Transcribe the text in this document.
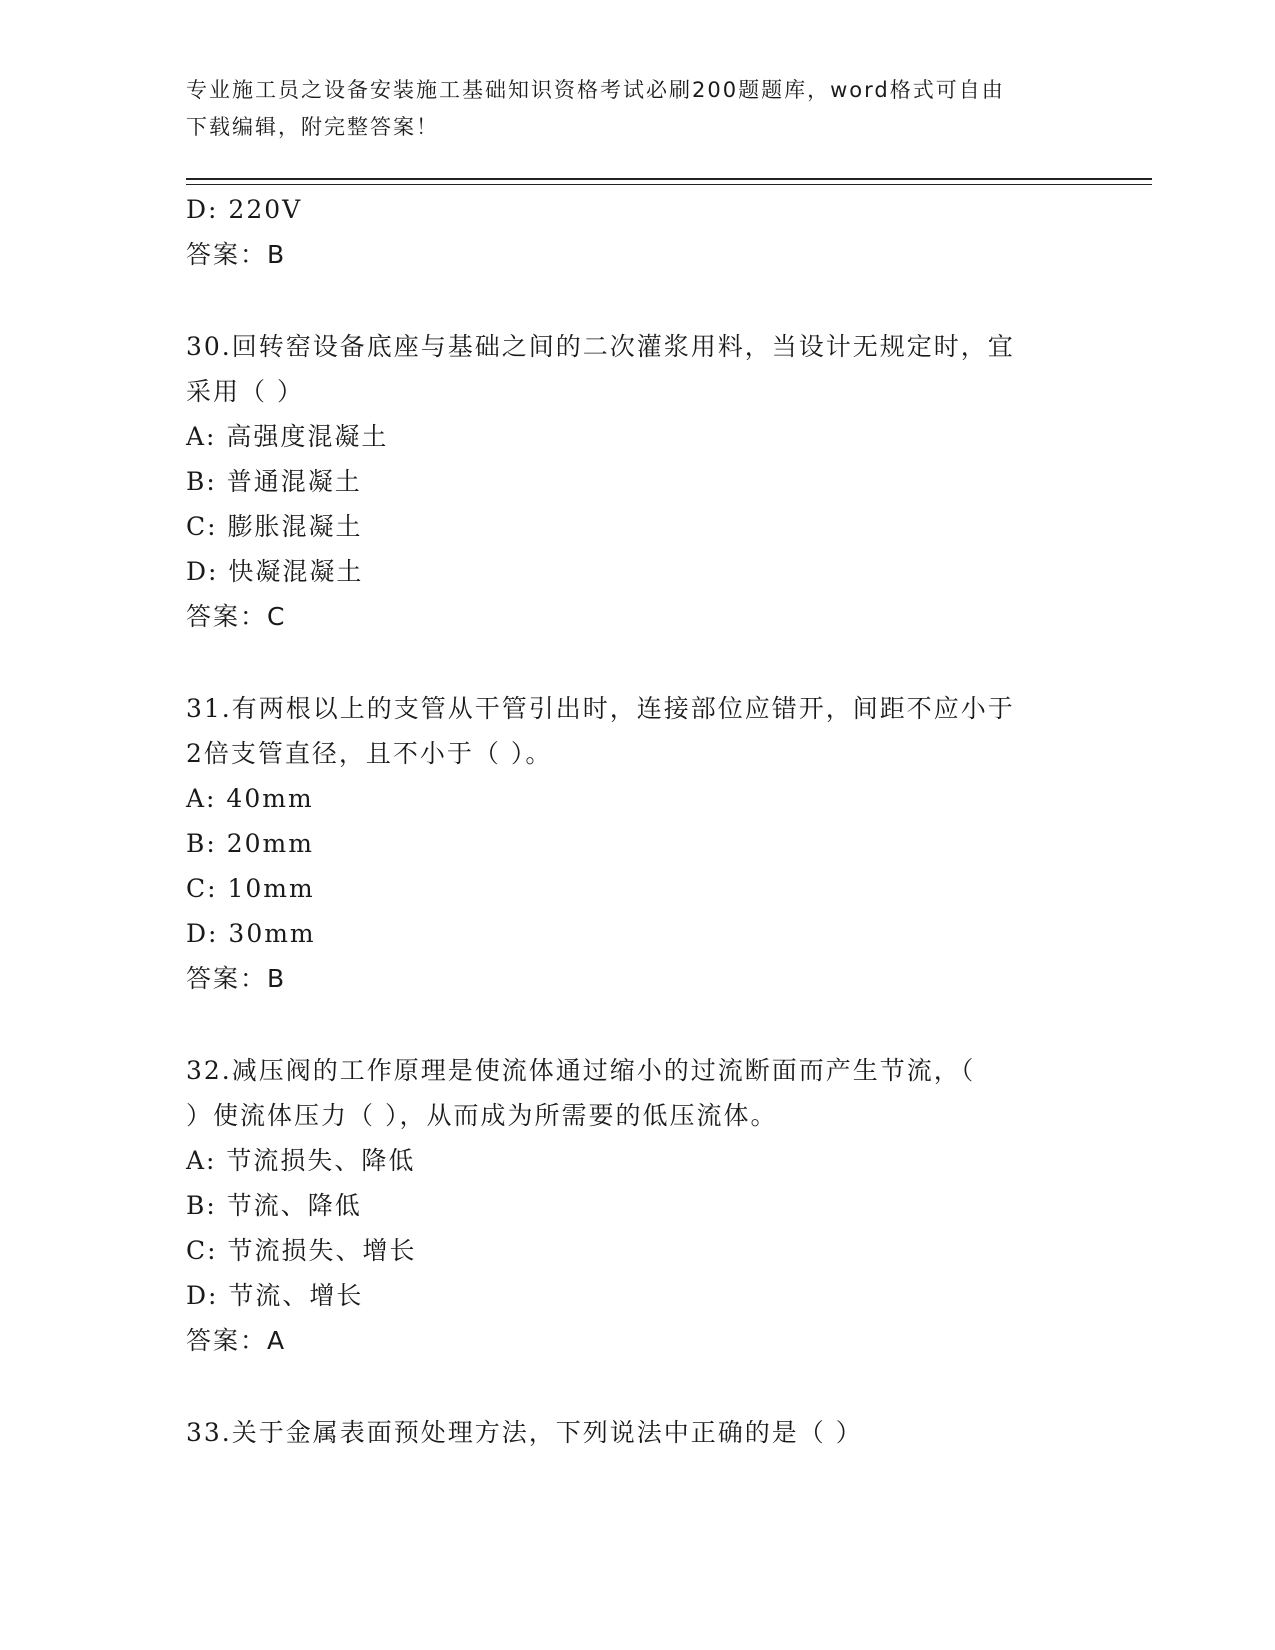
专业施工员之设备安装施工基础知识资格考试必刷200题题库，word格式可自由
下载编辑，附完整答案！
D: 220V
答案：B
30.回转窑设备底座与基础之间的二次灌浆用料，当设计无规定时，宜
采用（ ）
A: 高强度混凝土
B: 普通混凝土
C: 膨胀混凝土
D: 快凝混凝土
答案：C
31.有两根以上的支管从干管引出时，连接部位应错开，间距不应小于
2倍支管直径，且不小于（ ）。
A: 40mm
B: 20mm
C: 10mm
D: 30mm
答案：B
32.减压阀的工作原理是使流体通过缩小的过流断面而产生节流，（
）使流体压力（ ），从而成为所需要的低压流体。
A: 节流损失、降低
B: 节流、降低
C: 节流损失、增长
D: 节流、增长
答案：A
33.关于金属表面预处理方法，下列说法中正确的是（ ）
